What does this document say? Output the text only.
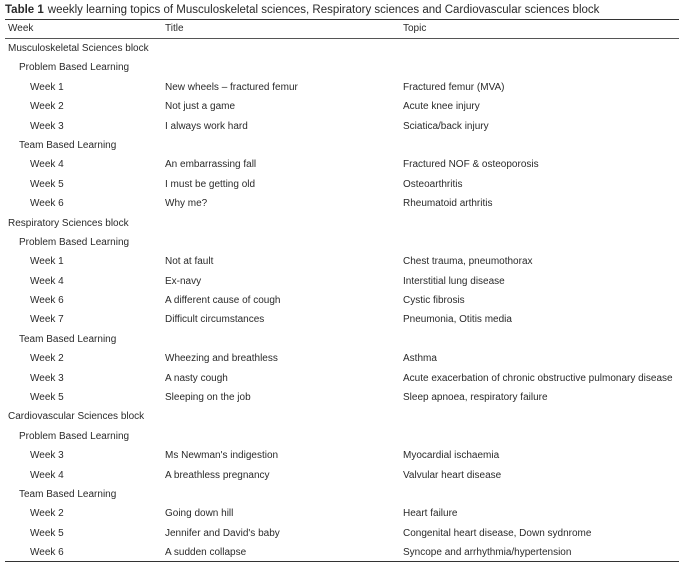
Table 1 weekly learning topics of Musculoskeletal sciences, Respiratory sciences and Cardiovascular sciences block
Week	Title	Topic
Musculoskeletal Sciences block
Problem Based Learning
Week 1	New wheels – fractured femur	Fractured femur (MVA)
Week 2	Not just a game	Acute knee injury
Week 3	I always work hard	Sciatica/back injury
Team Based Learning
Week 4	An embarrassing fall	Fractured NOF & osteoporosis
Week 5	I must be getting old	Osteoarthritis
Week 6	Why me?	Rheumatoid arthritis
Respiratory Sciences block
Problem Based Learning
Week 1	Not at fault	Chest trauma, pneumothorax
Week 4	Ex-navy	Interstitial lung disease
Week 6	A different cause of cough	Cystic fibrosis
Week 7	Difficult circumstances	Pneumonia, Otitis media
Team Based Learning
Week 2	Wheezing and breathless	Asthma
Week 3	A nasty cough	Acute exacerbation of chronic obstructive pulmonary disease
Week 5	Sleeping on the job	Sleep apnoea, respiratory failure
Cardiovascular Sciences block
Problem Based Learning
Week 3	Ms Newman's indigestion	Myocardial ischaemia
Week 4	A breathless pregnancy	Valvular heart disease
Team Based Learning
Week 2	Going down hill	Heart failure
Week 5	Jennifer and David's baby	Congenital heart disease, Down sydnrome
Week 6	A sudden collapse	Syncope and arrhythmia/hypertension
